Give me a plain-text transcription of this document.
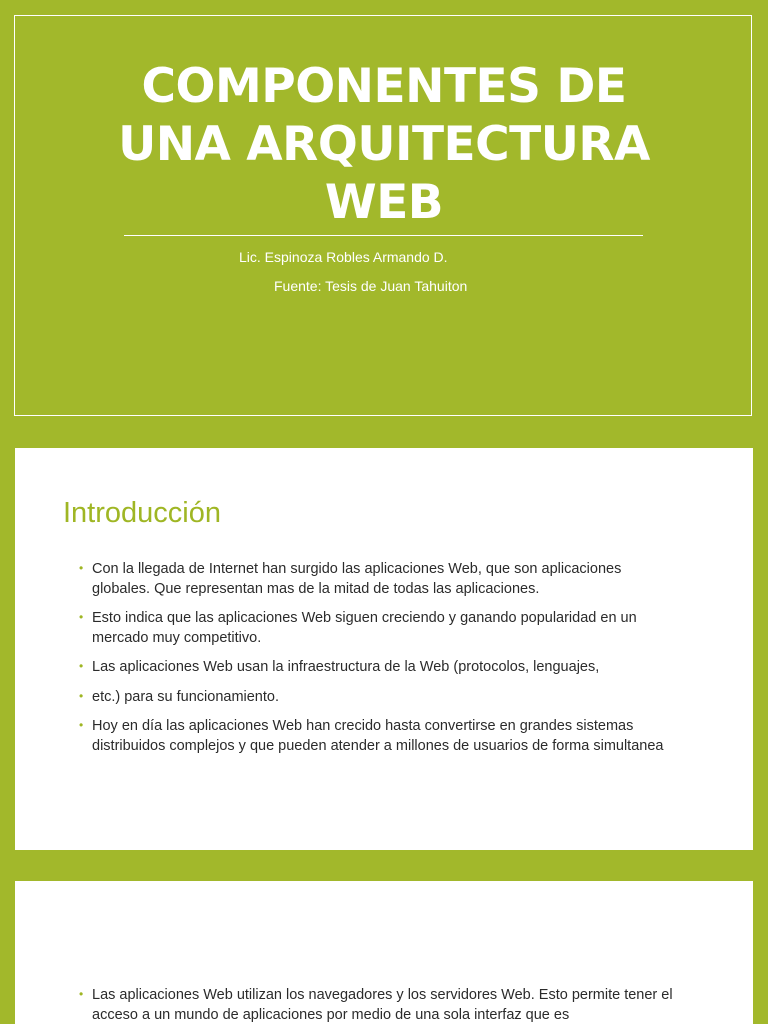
COMPONENTES DE
UNA ARQUITECTURA
WEB
Lic. Espinoza Robles Armando D.
Fuente: Tesis de Juan Tahuiton
Introducción
• Con la llegada de Internet han surgido las aplicaciones Web, que son aplicaciones globales. Que representan mas de la mitad de todas las aplicaciones.
• Esto indica que las aplicaciones Web siguen creciendo y ganando popularidad en un mercado muy competitivo.
• Las aplicaciones Web usan la infraestructura de la Web (protocolos, lenguajes,
• etc.) para su funcionamiento.
• Hoy en día las aplicaciones Web han crecido hasta convertirse en grandes sistemas distribuidos complejos y que pueden atender a millones de usuarios de forma simultanea
• Las aplicaciones Web utilizan los navegadores y los servidores Web. Esto permite tener el acceso a un mundo de aplicaciones por medio de una sola interfaz que es
